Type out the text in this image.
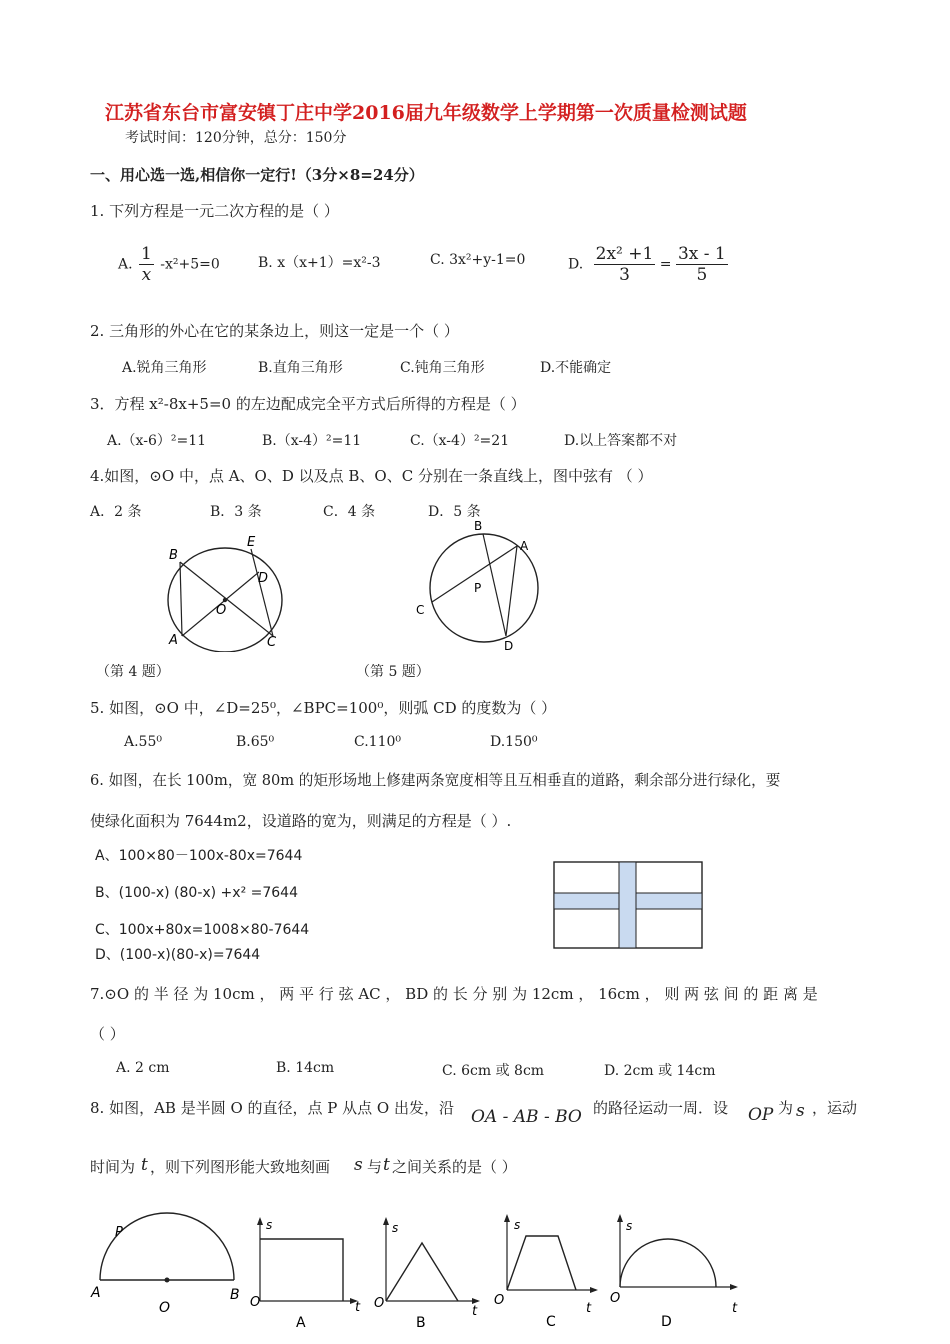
江苏省东台市富安镇丁庄中学2016届九年级数学上学期第一次质量检测试题
考试时间：120分钟，总分：150分
一、用心选一选,相信你一定行!（3分×8=24分）
1. 下列方程是一元二次方程的是（ ）
A. $\frac{1}{x} -x^2+5=0$	B. x（x+1）=x²-3	C. 3x²+y-1=0	D. $\frac{\text{2x² +1}}{3} = \frac{3x - 1}{5}$
2. 三角形的外心在它的某条边上，则这一定是一个（ ）
A.锐角三角形	B.直角三角形	C.钝角三角形	D.不能确定
3．方程 x²-8x+5=0 的左边配成完全平方式后所得的方程是（ ）
A.（x-6）²=11	B.（x-4）²=11	C.（x-4）²=21	D.以上答案都不对
4.如图，⊙O 中，点 A、O、D 以及点 B、O、C 分别在一条直线上，图中弦有 （ ）
A．2 条	B．3 条	C．4 条	D．5 条
B
E
D
O
A	C
B
A
P
C
D
（第 4 题）	（第 5 题）
5. 如图，⊙O 中，∠D=25⁰，∠BPC=100⁰，则弧 CD 的度数为（ ）
A.55⁰	B.65⁰	C.110⁰	D.150⁰
6. 如图，在长 100m，宽 80m 的矩形场地上修建两条宽度相等且互相垂直的道路，剩余部分进行绿化，要
使绿化面积为 7644m2，设道路的宽为，则满足的方程是（ ）.
A、100×80－100x-80x=7644
B、(100-x) (80-x) +x² =7644
C、100x+80x=1008×80-7644
D、(100-x)(80-x)=7644
7.⊙O 的 半 径 为 10cm ， 两 平 行 弦 AC ， BD 的 长 分 别 为 12cm ， 16cm ， 则 两 弦 间 的 距 离 是
（ ）
A. 2 cm	B. 14cm	C. 6cm 或 8cm	D. 2cm 或 14cm
8. 如图，AB 是半圆 O 的直径，点 P 从点 O 出发，沿 OA - AB - BO 的路径运动一周．设 OP 为 s ，运动
时间为 t ，则下列图形能大致地刻画 s 与 t 之间关系的是（ ）
P
A
O
B
s
O	t
A
s
O
t
B
s
O
t
C
s
O
t
D
